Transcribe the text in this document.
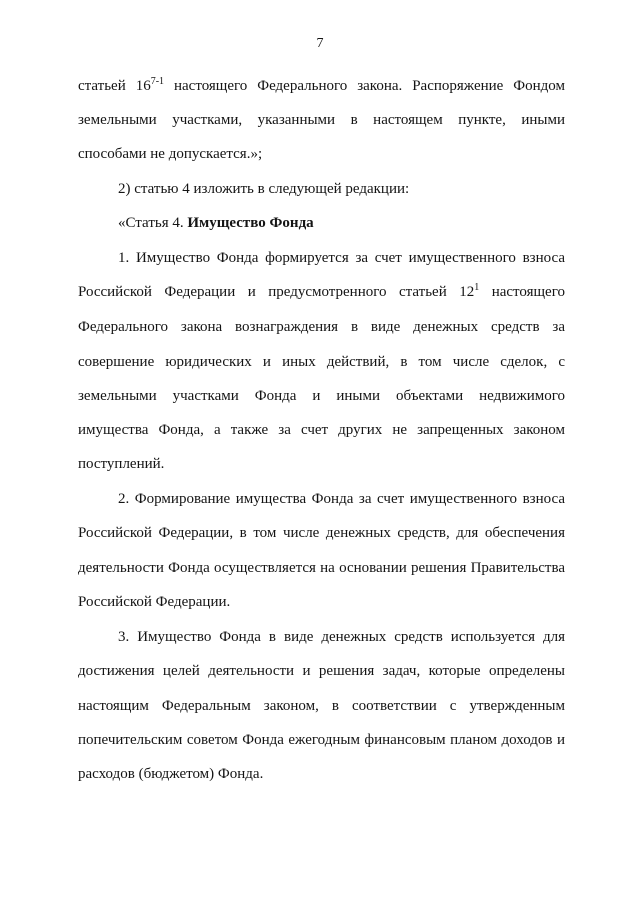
7
статьей 16$^{7-1}$ настоящего Федерального закона. Распоряжение Фондом
земельными участками, указанными в настоящем пункте, иными
способами не допускается.»;
2) статью 4 изложить в следующей редакции:
«Статья 4. Имущество Фонда
1. Имущество Фонда формируется за счет имущественного взноса
Российской Федерации и предусмотренного статьей $12^1$ настоящего
Федерального закона вознаграждения в виде денежных средств за
совершение юридических и иных действий, в том числе сделок, с
земельными участками Фонда и иными объектами недвижимого
имущества Фонда, а также за счет других не запрещенных законом
поступлений.
2. Формирование имущества Фонда за счет имущественного взноса
Российской Федерации, в том числе денежных средств, для обеспечения
деятельности Фонда осуществляется на основании решения Правительства
Российской Федерации.
3. Имущество Фонда в виде денежных средств используется для
достижения целей деятельности и решения задач, которые определены
настоящим Федеральным законом, в соответствии с утвержденным
попечительским советом Фонда ежегодным финансовым планом доходов и
расходов (бюджетом) Фонда.
